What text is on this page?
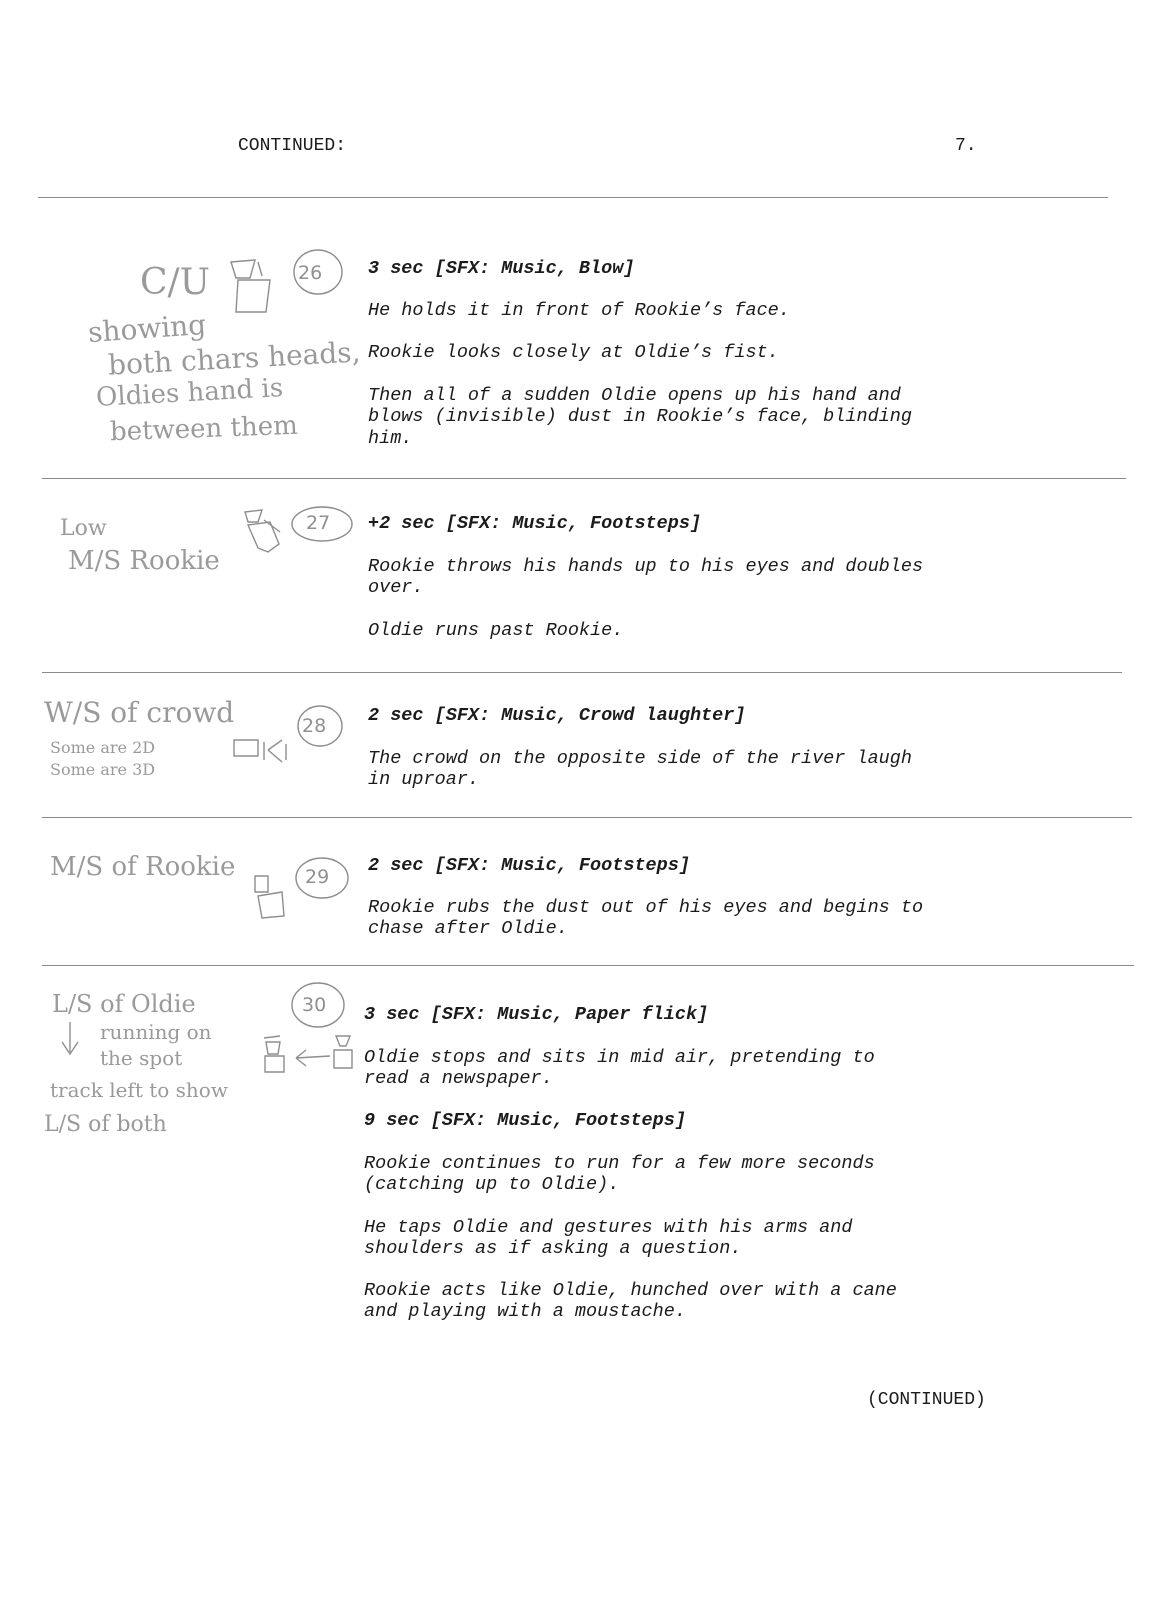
CONTINUED:	7.
3 sec [SFX: Music, Blow]
He holds it in front of Rookie’s face.
Rookie looks closely at Oldie’s fist.
Then all of a sudden Oldie opens up his hand and
blows (invisible) dust in Rookie’s face, blinding
him.
+2 sec [SFX: Music, Footsteps]
Rookie throws his hands up to his eyes and doubles
over.
Oldie runs past Rookie.
2 sec [SFX: Music, Crowd laughter]
The crowd on the opposite side of the river laugh
in uproar.
2 sec [SFX: Music, Footsteps]
Rookie rubs the dust out of his eyes and begins to
chase after Oldie.
3 sec [SFX: Music, Paper flick]
Oldie stops and sits in mid air, pretending to
read a newspaper.
9 sec [SFX: Music, Footsteps]
Rookie continues to run for a few more seconds
(catching up to Oldie).
He taps Oldie and gestures with his arms and
shoulders as if asking a question.
Rookie acts like Oldie, hunched over with a cane
and playing with a moustache.
(CONTINUED)
C/U
showing
both chars heads,
Oldies hand is
between them
26
Low
M/S Rookie
27
W/S of crowd
Some are 2D
Some are 3D
28
M/S of Rookie	29
L/S of Oldie
running on
the spot
track left to show
L/S of both
30
